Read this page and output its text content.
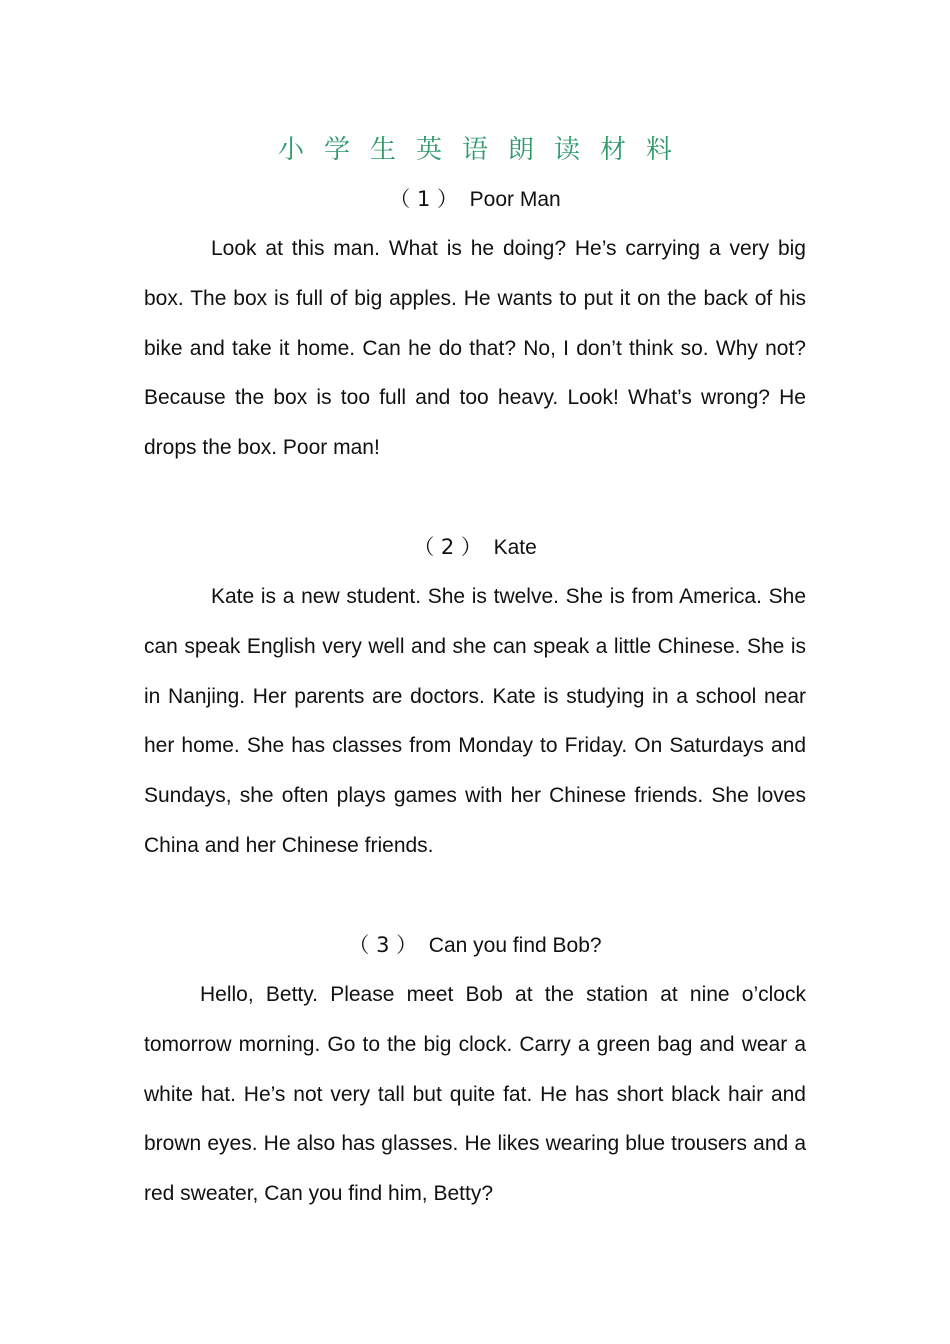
小学生英语朗读材料
（ 1 ） Poor Man
Look at this man. What is he doing? He’s carrying a very big box. The box is full of big apples. He wants to put it on the back of his bike and take it home. Can he do that? No, I don’t think so. Why not? Because the box is too full and too heavy. Look! What’s wrong? He drops the box. Poor man!
（ 2 ） Kate
Kate is a new student. She is twelve. She is from America. She can speak English very well and she can speak a little Chinese. She is in Nanjing. Her parents are doctors. Kate is studying in a school near her home. She has classes from Monday to Friday. On Saturdays and Sundays, she often plays games with her Chinese friends. She loves China and her Chinese friends.
（ 3 ） Can you find Bob?
Hello, Betty. Please meet Bob at the station at nine o’clock tomorrow morning. Go to the big clock. Carry a green bag and wear a white hat. He’s not very tall but quite fat. He has short black hair and brown eyes. He also has glasses. He likes wearing blue trousers and a red sweater, Can you find him, Betty?
